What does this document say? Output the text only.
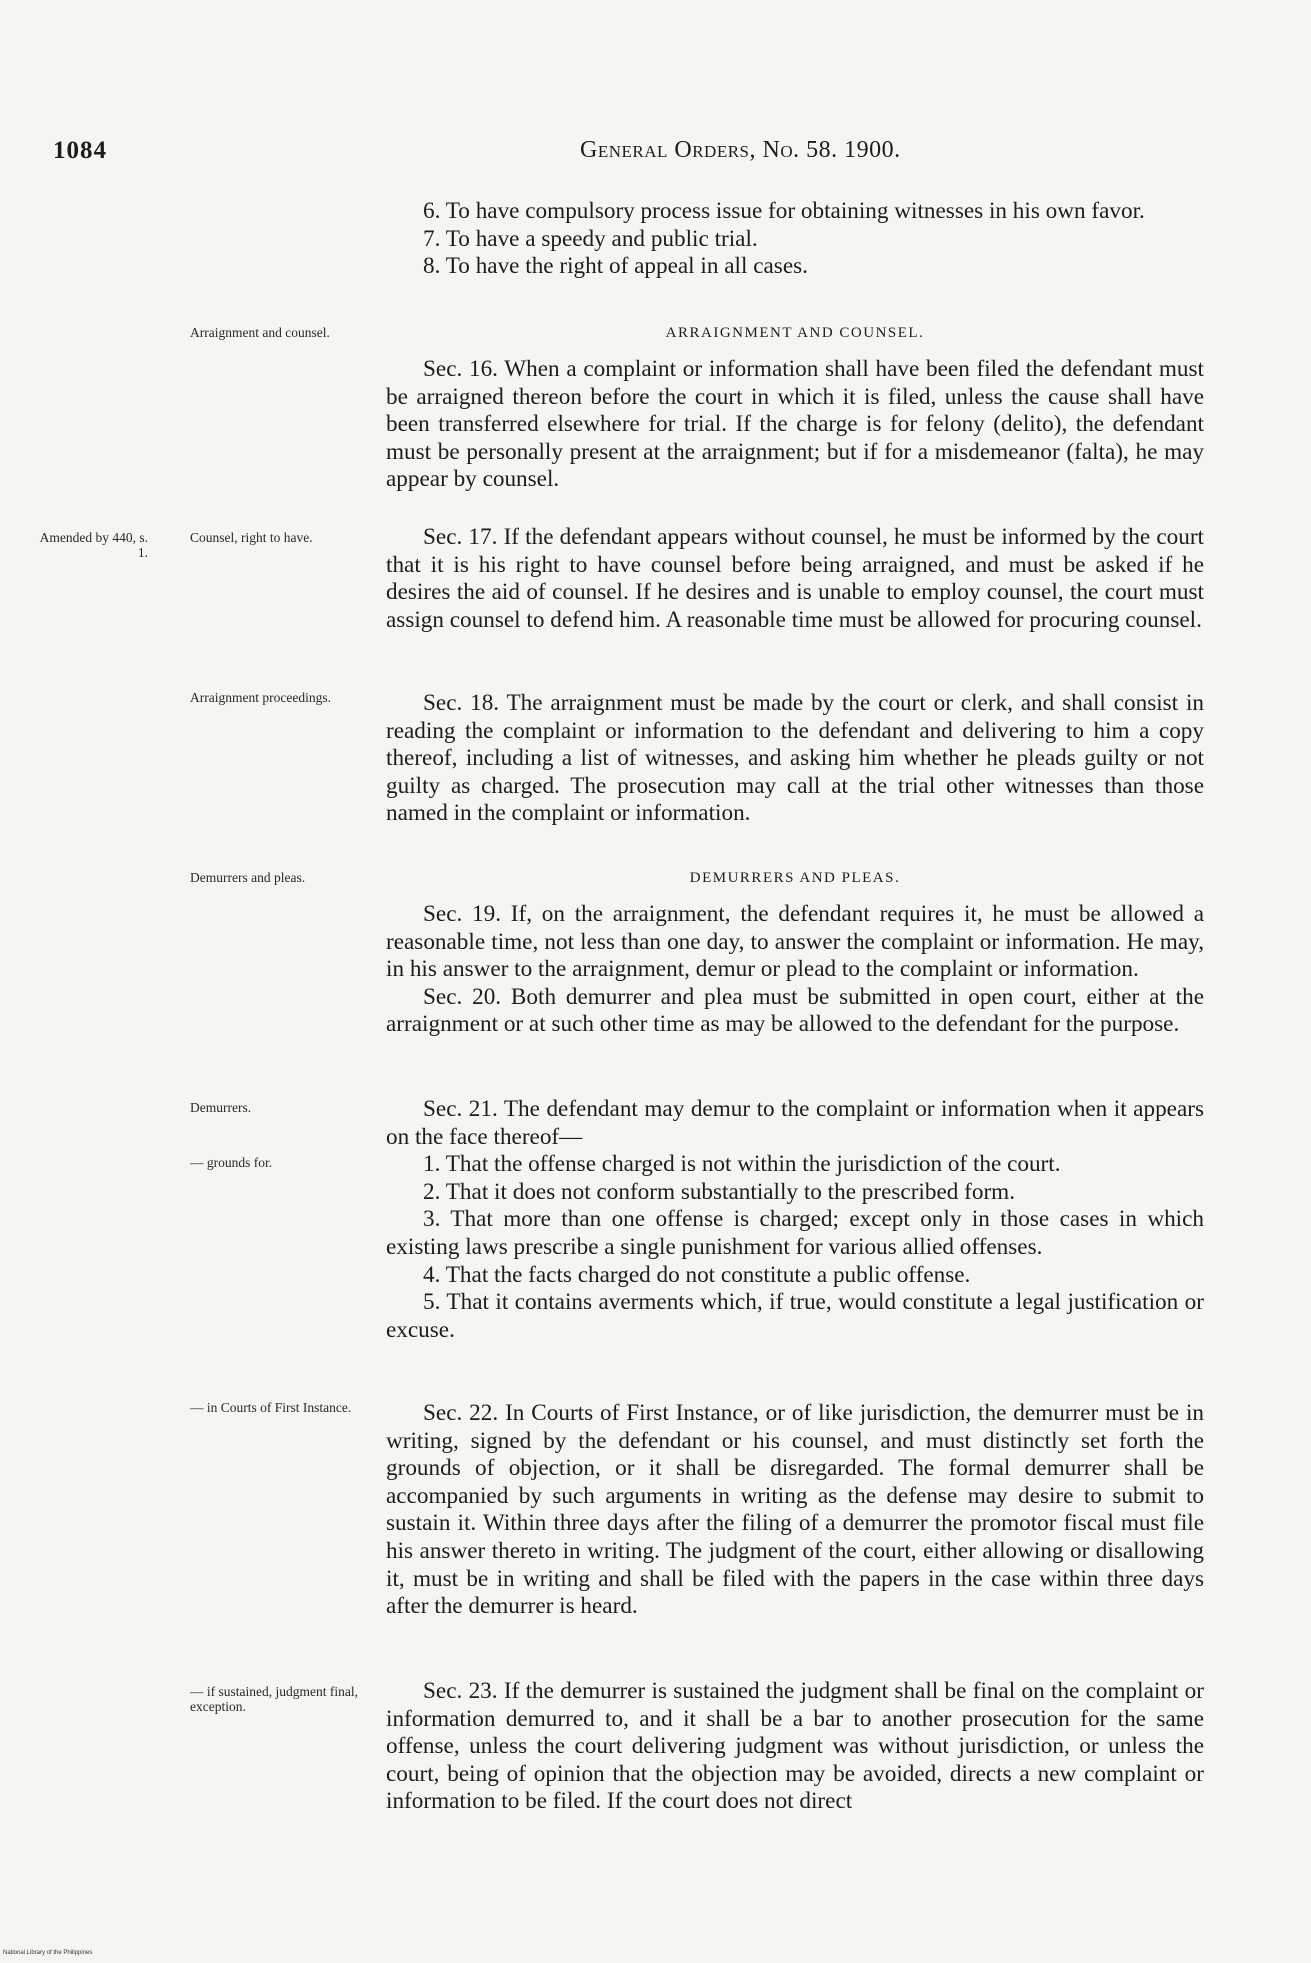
1084	General Orders, No. 58. 1900.

6. To have compulsory process issue for obtaining witnesses in his own favor.

7. To have a speedy and public trial.

8. To have the right of appeal in all cases.

ARRAIGNMENT AND COUNSEL.

Sec. 16. When a complaint or information shall have been filed the defendant must be arraigned thereon before the court in which it is filed, unless the cause shall have been transferred elsewhere for trial. If the charge is for felony (delito), the defendant must be personally present at the arraignment; but if for a misdemeanor (falta), he may appear by counsel.

Sec. 17. If the defendant appears without counsel, he must be informed by the court that it is his right to have counsel before being arraigned, and must be asked if he desires the aid of counsel. If he desires and is unable to employ counsel, the court must assign counsel to defend him. A reasonable time must be allowed for procuring counsel.

Sec. 18. The arraignment must be made by the court or clerk, and shall consist in reading the complaint or information to the defendant and delivering to him a copy thereof, including a list of witnesses, and asking him whether he pleads guilty or not guilty as charged. The prosecution may call at the trial other witnesses than those named in the complaint or information.

DEMURRERS AND PLEAS.

Sec. 19. If, on the arraignment, the defendant requires it, he must be allowed a reasonable time, not less than one day, to answer the complaint or information. He may, in his answer to the arraignment, demur or plead to the complaint or information.

Sec. 20. Both demurrer and plea must be submitted in open court, either at the arraignment or at such other time as may be allowed to the defendant for the purpose.

Sec. 21. The defendant may demur to the complaint or information when it appears on the face thereof—

1. That the offense charged is not within the jurisdiction of the court.

2. That it does not conform substantially to the prescribed form.

3. That more than one offense is charged; except only in those cases in which existing laws prescribe a single punishment for various allied offenses.

4. That the facts charged do not constitute a public offense.

5. That it contains averments which, if true, would constitute a legal justification or excuse.

Sec. 22. In Courts of First Instance, or of like jurisdiction, the demurrer must be in writing, signed by the defendant or his counsel, and must distinctly set forth the grounds of objection, or it shall be disregarded. The formal demurrer shall be accompanied by such arguments in writing as the defense may desire to submit to sustain it. Within three days after the filing of a demurrer the promotor fiscal must file his answer thereto in writing. The judgment of the court, either allowing or disallowing it, must be in writing and shall be filed with the papers in the case within three days after the demurrer is heard.

Sec. 23. If the demurrer is sustained the judgment shall be final on the complaint or information demurred to, and it shall be a bar to another prosecution for the same offense, unless the court delivering judgment was without jurisdiction, or unless the court, being of opinion that the objection may be avoided, directs a new complaint or information to be filed. If the court does not direct

Arraignment and counsel.
Amended by 440, s. 1.
Counsel, right to have.
Arraignment proceedings.
Demurrers and pleas.
Demurrers.
— grounds for.
— in Courts of First Instance.
— if sustained, judgment final, exception.
National Library of the Philippines
